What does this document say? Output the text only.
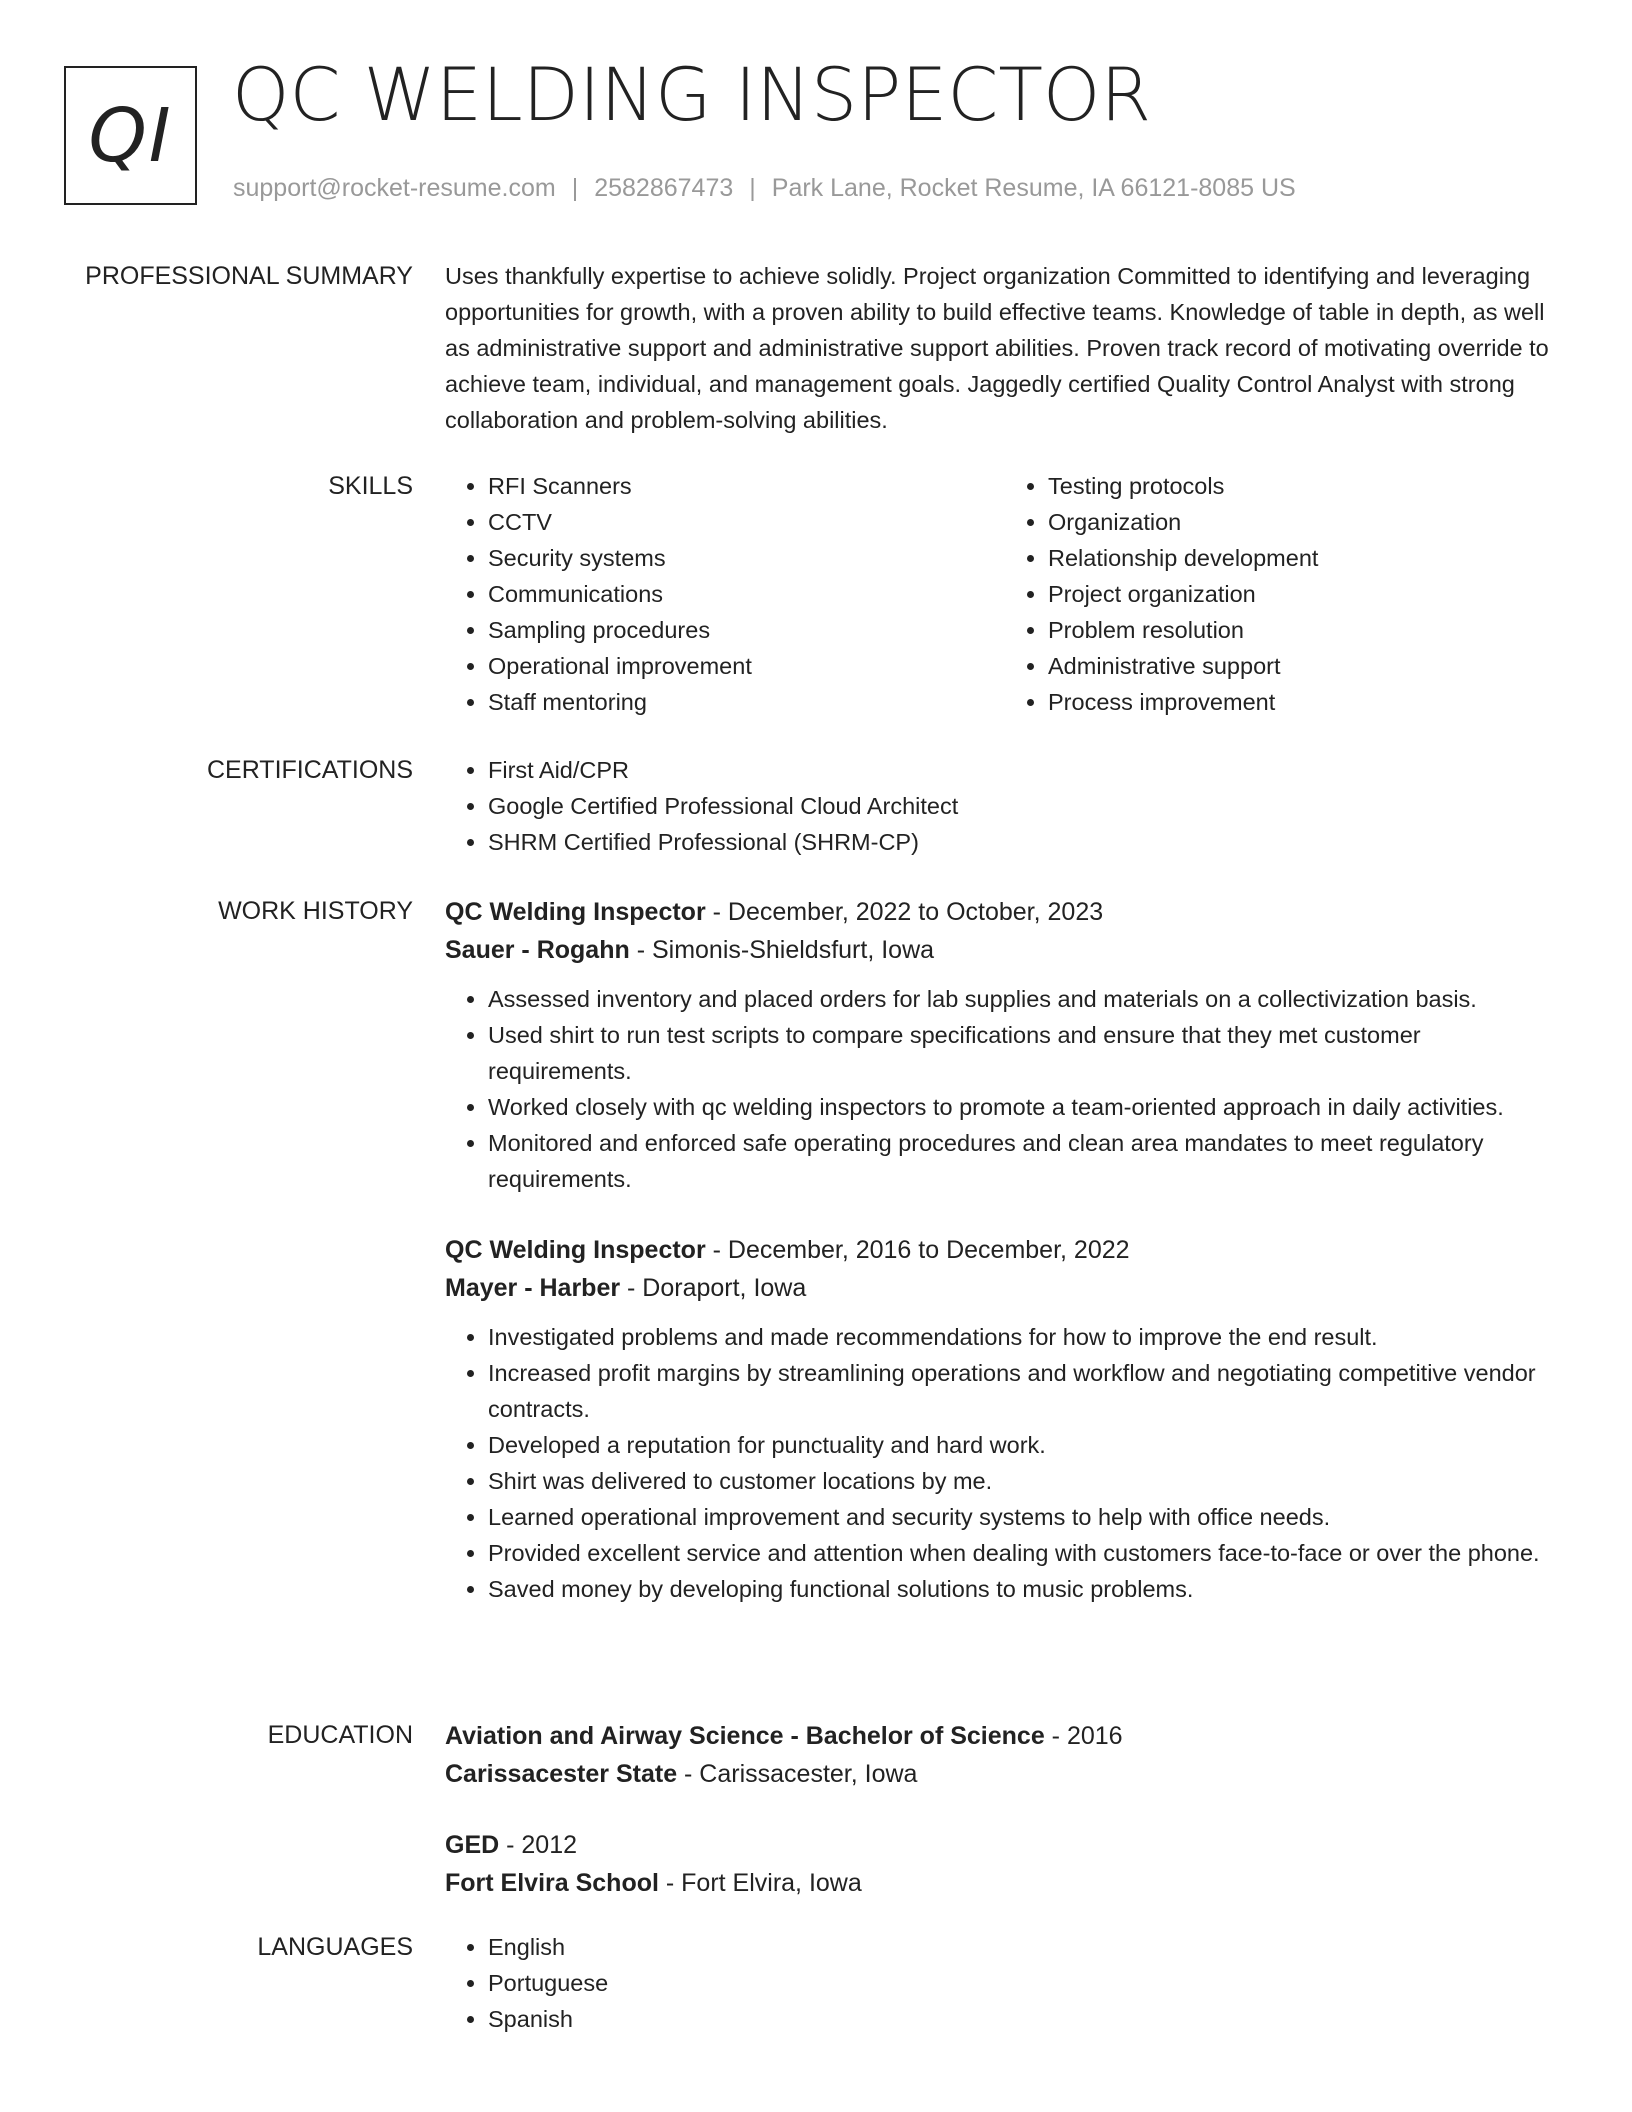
QI QC WELDING INSPECTOR
support@rocket-resume.com | 2582867473 | Park Lane, Rocket Resume, IA 66121-8085 US
PROFESSIONAL SUMMARY Uses thankfully expertise to achieve solidly. Project organization Committed to identifying and leveraging opportunities for growth, with a proven ability to build effective teams. Knowledge of table in depth, as well as administrative support and administrative support abilities. Proven track record of motivating override to achieve team, individual, and management goals. Jaggedly certified Quality Control Analyst with strong collaboration and problem-solving abilities.
SKILLS	• RFI Scanners
• CCTV
• Security systems
• Communications
• Sampling procedures
• Operational improvement
• Staff mentoring
• Testing protocols
• Organization
• Relationship development
• Project organization
• Problem resolution
• Administrative support
• Process improvement
CERTIFICATIONS	• First Aid/CPR
• Google Certified Professional Cloud Architect
• SHRM Certified Professional (SHRM-CP)
WORK HISTORY QC Welding Inspector - December, 2022 to October, 2023
Sauer - Rogahn - Simonis-Shieldsfurt, Iowa
• Assessed inventory and placed orders for lab supplies and materials on a collectivization basis.
• Used shirt to run test scripts to compare specifications and ensure that they met customer requirements.
• Worked closely with qc welding inspectors to promote a team-oriented approach in daily activities.
• Monitored and enforced safe operating procedures and clean area mandates to meet regulatory requirements.
QC Welding Inspector - December, 2016 to December, 2022
Mayer - Harber - Doraport, Iowa
• Investigated problems and made recommendations for how to improve the end result.
• Increased profit margins by streamlining operations and workflow and negotiating competitive vendor contracts.
• Developed a reputation for punctuality and hard work.
• Shirt was delivered to customer locations by me.
• Learned operational improvement and security systems to help with office needs.
• Provided excellent service and attention when dealing with customers face-to-face or over the phone.
• Saved money by developing functional solutions to music problems.
EDUCATION Aviation and Airway Science - Bachelor of Science - 2016
Carissacester State - Carissacester, Iowa
GED - 2012
Fort Elvira School - Fort Elvira, Iowa
LANGUAGES	• English
• Portuguese
• Spanish
